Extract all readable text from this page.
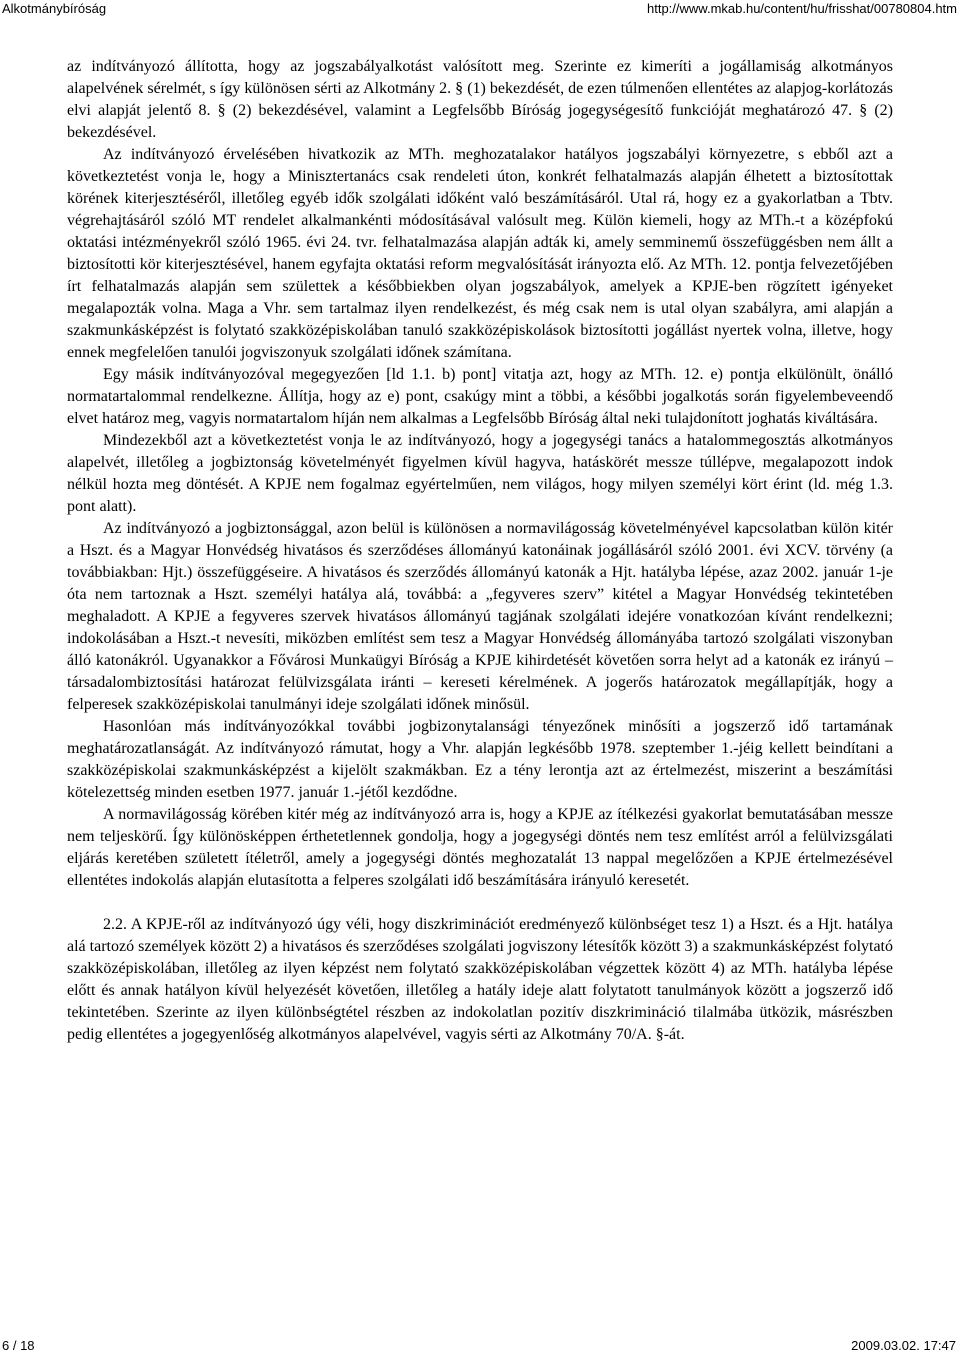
Alkotmánybíróság	http://www.mkab.hu/content/hu/frisshat/00780804.htm

az indítványozó állította, hogy az jogszabályalkotást valósított meg. Szerinte ez kimeríti a jogállamiság alkotmányos alapelvének sérelmét, s így különösen sérti az Alkotmány 2. § (1) bekezdését, de ezen túlmenően ellentétes az alapjog-korlátozás elvi alapját jelentő 8. § (2) bekezdésével, valamint a Legfelsőbb Bíróság jogegységesítő funkcióját meghatározó 47. § (2) bekezdésével.

Az indítványozó érvelésében hivatkozik az MTh. meghozatalakor hatályos jogszabályi környezetre, s ebből azt a következtetést vonja le, hogy a Minisztertanács csak rendeleti úton, konkrét felhatalmazás alapján élhetett a biztosítottak körének kiterjesztéséről, illetőleg egyéb idők szolgálati időként való beszámításáról. Utal rá, hogy ez a gyakorlatban a Tbtv. végrehajtásáról szóló MT rendelet alkalmankénti módosításával valósult meg. Külön kiemeli, hogy az MTh.-t a középfokú oktatási intézményekről szóló 1965. évi 24. tvr. felhatalmazása alapján adták ki, amely semminemű összefüggésben nem állt a biztosítotti kör kiterjesztésével, hanem egyfajta oktatási reform megvalósítását irányozta elő. Az MTh. 12. pontja felvezetőjében írt felhatalmazás alapján sem születtek a későbbiekben olyan jogszabályok, amelyek a KPJE-ben rögzített igényeket megalapozták volna. Maga a Vhr. sem tartalmaz ilyen rendelkezést, és még csak nem is utal olyan szabályra, ami alapján a szakmunkásképzést is folytató szakközépiskolában tanuló szakközépiskolások biztosítotti jogállást nyertek volna, illetve, hogy ennek megfelelően tanulói jogviszonyuk szolgálati időnek számítana.

Egy másik indítványozóval megegyezően [ld 1.1. b) pont] vitatja azt, hogy az MTh. 12. e) pontja elkülönült, önálló normatartalommal rendelkezne. Állítja, hogy az e) pont, csakúgy mint a többi, a későbbi jogalkotás során figyelembeveendő elvet határoz meg, vagyis normatartalom híján nem alkalmas a Legfelsőbb Bíróság által neki tulajdonított joghatás kiváltására.

Mindezekből azt a következtetést vonja le az indítványozó, hogy a jogegységi tanács a hatalommegosztás alkotmányos alapelvét, illetőleg a jogbiztonság követelményét figyelmen kívül hagyva, hatáskörét messze túllépve, megalapozott indok nélkül hozta meg döntését. A KPJE nem fogalmaz egyértelműen, nem világos, hogy milyen személyi kört érint (ld. még 1.3. pont alatt).

Az indítványozó a jogbiztonsággal, azon belül is különösen a normavilágosság követelményével kapcsolatban külön kitér a Hszt. és a Magyar Honvédség hivatásos és szerződéses állományú katonáinak jogállásáról szóló 2001. évi XCV. törvény (a továbbiakban: Hjt.) összefüggéseire. A hivatásos és szerződés állományú katonák a Hjt. hatályba lépése, azaz 2002. január 1-je óta nem tartoznak a Hszt. személyi hatálya alá, továbbá: a „fegyveres szerv” kitétel a Magyar Honvédség tekintetében meghaladott. A KPJE a fegyveres szervek hivatásos állományú tagjának szolgálati idejére vonatkozóan kívánt rendelkezni; indokolásában a Hszt.-t nevesíti, miközben említést sem tesz a Magyar Honvédség állományába tartozó szolgálati viszonyban álló katonákról. Ugyanakkor a Fővárosi Munkaügyi Bíróság a KPJE kihirdetését követően sorra helyt ad a katonák ez irányú – társadalombiztosítási határozat felülvizsgálata iránti – kereseti kérelmének. A jogerős határozatok megállapítják, hogy a felperesek szakközépiskolai tanulmányi ideje szolgálati időnek minősül.

Hasonlóan más indítványozókkal további jogbizonytalansági tényezőnek minősíti a jogszerző idő tartamának meghatározatlanságát. Az indítványozó rámutat, hogy a Vhr. alapján legkésőbb 1978. szeptember 1.-jéig kellett beindítani a szakközépiskolai szakmunkásképzést a kijelölt szakmákban. Ez a tény lerontja azt az értelmezést, miszerint a beszámítási kötelezettség minden esetben 1977. január 1.-jétől kezdődne.

A normavilágosság körében kitér még az indítványozó arra is, hogy a KPJE az ítélkezési gyakorlat bemutatásában messze nem teljeskörű. Így különösképpen érthetetlennek gondolja, hogy a jogegységi döntés nem tesz említést arról a felülvizsgálati eljárás keretében született ítéletről, amely a jogegységi döntés meghozatalát 13 nappal megelőzően a KPJE értelmezésével ellentétes indokolás alapján elutasította a felperes szolgálati idő beszámítására irányuló keresetét.

2.2. A KPJE-ről az indítványozó úgy véli, hogy diszkriminációt eredményező különbséget tesz 1) a Hszt. és a Hjt. hatálya alá tartozó személyek között 2) a hivatásos és szerződéses szolgálati jogviszony létesítők között 3) a szakmunkásképzést folytató szakközépiskolában, illetőleg az ilyen képzést nem folytató szakközépiskolában végzettek között 4) az MTh. hatályba lépése előtt és annak hatályon kívül helyezését követően, illetőleg a hatály ideje alatt folytatott tanulmányok között a jogszerző idő tekintetében. Szerinte az ilyen különbségtétel részben az indokolatlan pozitív diszkrimináció tilalmába ütközik, másrészben pedig ellentétes a jogegyenlőség alkotmányos alapelvével, vagyis sérti az Alkotmány 70/A. §-át.

6 / 18	2009.03.02. 17:47
